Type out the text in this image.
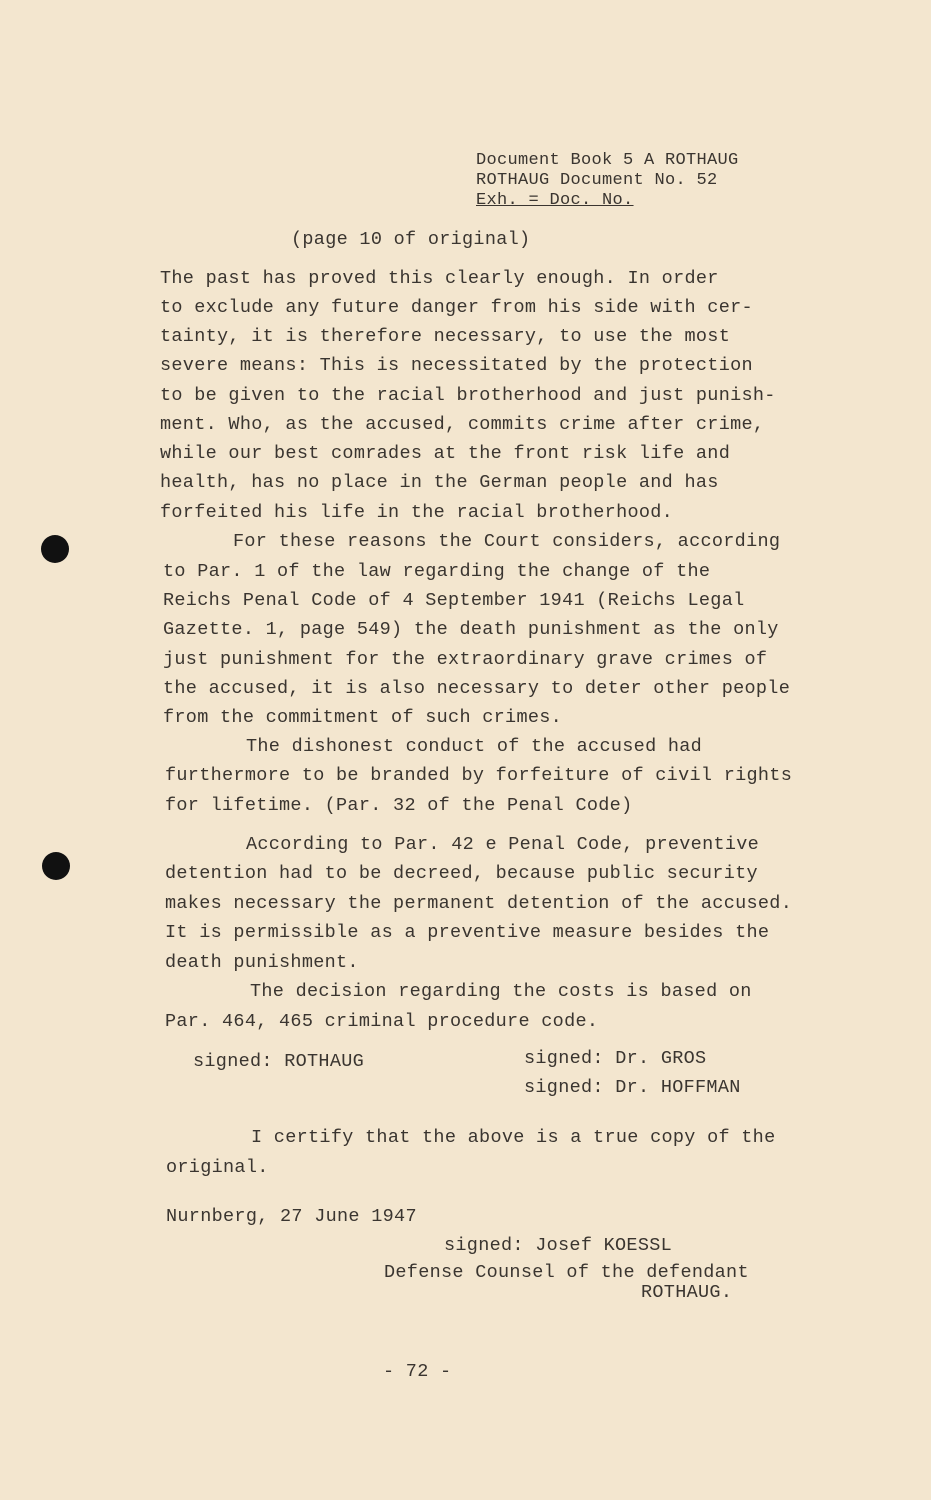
Document Book 5 A ROTHAUG
ROTHAUG Document No. 52
Exh. = Doc. No.
(page 10 of original)
The past has proved this clearly enough. In order
to exclude any future danger from his side with cer-
tainty, it is therefore necessary, to use the most
severe means: This is necessitated by the protection
to be given to the racial brotherhood and just punish-
ment. Who, as the accused, commits crime after crime,
while our best comrades at the front risk life and
health, has no place in the German people and has
forfeited his life in the racial brotherhood.
For these reasons the Court considers, according
to Par. 1 of the law regarding the change of the
Reichs Penal Code of 4 September 1941 (Reichs Legal
Gazette. 1, page 549) the death punishment as the only
just punishment for the extraordinary grave crimes of
the accused, it is also necessary to deter other people
from the commitment of such crimes.
The dishonest conduct of the accused had
furthermore to be branded by forfeiture of civil rights
for lifetime. (Par. 32 of the Penal Code)
According to Par. 42 e Penal Code, preventive
detention had to be decreed, because public security
makes necessary the permanent detention of the accused.
It is permissible as a preventive measure besides the
death punishment.
The decision regarding the costs is based on
Par. 464, 465 criminal procedure code.
signed: ROTHAUG	signed: Dr. GROS
signed: Dr. HOFFMAN
I certify that the above is a true copy of the
original.
Nurnberg, 27 June 1947
signed: Josef KOESSL
Defense Counsel of the defendant
ROTHAUG.
- 72 -
